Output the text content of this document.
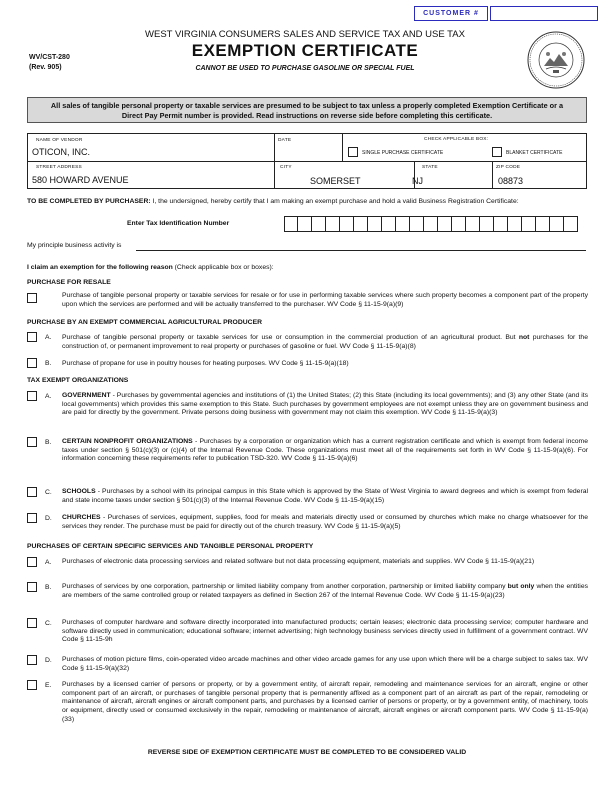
CUSTOMER #
WEST VIRGINIA CONSUMERS SALES AND SERVICE TAX AND USE TAX
EXEMPTION CERTIFICATE
CANNOT BE USED TO PURCHASE GASOLINE OR SPECIAL FUEL
WV/CST-280
(Rev. 905)
All sales of tangible personal property or taxable services are presumed to be subject to tax unless a properly completed Exemption Certificate or a Direct Pay Permit number is provided. Read instructions on reverse side before completing this certificate.
NAME OF VENDOR
OTICON, INC.
DATE	CHECK APPLICABLE BOX:
SINGLE PURCHASE CERTIFICATE	BLANKET CERTIFICATE
STREET ADDRESS
580 HOWARD AVENUE
CITY
SOMERSET
STATE
NJ
ZIP CODE
08873
TO BE COMPLETED BY PURCHASER: I, the undersigned, hereby certify that I am making an exempt purchase and hold a valid Business Registration Certificate:
Enter Tax Identification Number
My principle business activity is
I claim an exemption for the following reason (Check applicable box or boxes):
PURCHASE FOR RESALE
Purchase of tangible personal property or taxable services for resale or for use in performing taxable services where such property becomes a component part of the property upon which the services are performed and will be actually transferred to the purchaser. WV Code § 11-15-9(a)(9)
PURCHASE BY AN EXEMPT COMMERCIAL AGRICULTURAL PRODUCER
A. Purchase of tangible personal property or taxable services for use or consumption in the commercial production of an agricultural product. But not purchases for the construction of, or permanent improvement to real property or purchases of gasoline or fuel. WV Code § 11-15-9(a)(8)
B. Purchase of propane for use in poultry houses for heating purposes. WV Code § 11-15-9(a)(18)
TAX EXEMPT ORGANIZATIONS
A. GOVERNMENT - Purchases by governmental agencies and institutions of (1) the United States; (2) this State (including its local governments); and (3) any other State (and its local governments) which provides this same exemption to this State. Such purchases by government employees are not exempt unless they are on government business and are paid for directly by the government. Private persons doing business with government may not claim this exemption. WV Code § 11-15-9(a)(3)
B. CERTAIN NONPROFIT ORGANIZATIONS - Purchases by a corporation or organization which has a current registration certificate and which is exempt from federal income taxes under section § 501(c)(3) or (c)(4) of the Internal Revenue Code. These organizations must meet all of the requirements set forth in WV Code § 11-15-9(a)(6). For information concerning these requirements refer to publication TSD-320. WV Code § 11-15-9(a)(6)
C. SCHOOLS - Purchases by a school with its principal campus in this State which is approved by the State of West Virginia to award degrees and which is exempt from federal and state income taxes under section § 501(c)(3) of the Internal Revenue Code. WV Code § 11-15-9(a)(15)
D. CHURCHES - Purchases of services, equipment, supplies, food for meals and materials directly used or consumed by churches which make no charge whatsoever for the services they render. The purchase must be paid for directly out of the church treasury. WV Code § 11-15-9(a)(5)
PURCHASES OF CERTAIN SPECIFIC SERVICES AND TANGIBLE PERSONAL PROPERTY
A. Purchases of electronic data processing services and related software but not data processing equipment, materials and supplies. WV Code § 11-15-9(a)(21)
B. Purchases of services by one corporation, partnership or limited liability company from another corporation, partnership or limited liability company but only when the entities are members of the same controlled group or related taxpayers as defined in Section 267 of the Internal Revenue Code. WV Code § 11-15-9(a)(23)
C. Purchases of computer hardware and software directly incorporated into manufactured products; certain leases; electronic data processing service; computer hardware and software directly used in communication; educational software; internet advertising; high technology business services directly used in fulfillment of a government contract. WV Code § 11-15-9h
D. Purchases of motion picture films, coin-operated video arcade machines and other video arcade games for any use upon which there will be a charge subject to sales tax. WV Code § 11-15-9(a)(32)
E. Purchases by a licensed carrier of persons or property, or by a government entity, of aircraft repair, remodeling and maintenance services for an aircraft, engine or other component part of an aircraft, or purchases of tangible personal property that is permanently affixed as a component part of an aircraft as part of the repair, remodeling or maintenance of aircraft, aircraft engines or aircraft component parts, and purchases by a licensed carrier of persons or property, or by a government entity, of machinery, tools or equipment, directly used or consumed exclusively in the repair, remodeling or maintenance of aircraft, aircraft engines or aircraft component parts. WV Code § 11-15-9(a)(33)
REVERSE SIDE OF EXEMPTION CERTIFICATE MUST BE COMPLETED TO BE CONSIDERED VALID
